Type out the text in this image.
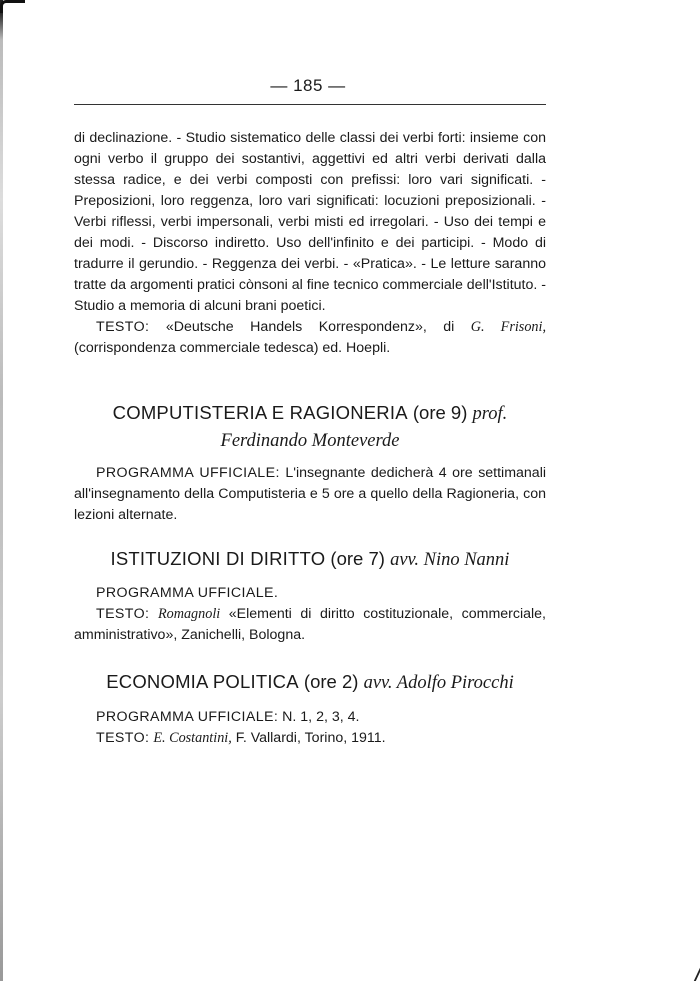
— 185 —

di declinazione. - Studio sistematico delle classi dei verbi forti: insieme con ogni verbo il gruppo dei sostantivi, aggettivi ed altri verbi derivati dalla stessa radice, e dei verbi composti con prefissi: loro vari significati. - Preposizioni, loro reggenza, loro vari significati: locuzioni preposizionali. - Verbi riflessi, verbi impersonali, verbi misti ed irregolari. - Uso dei tempi e dei modi. - Discorso indiretto. Uso dell'infinito e dei participi. - Modo di tradurre il gerundio. - Reggenza dei verbi. - «Pratica». - Le letture saranno tratte da argomenti pratici cònsoni al fine tecnico commerciale dell'Istituto. - Studio a memoria di alcuni brani poetici.

TESTO: «Deutsche Handels Korrespondenz», di G. Frisoni, (corrispondenza commerciale tedesca) ed. Hoepli.

COMPUTISTERIA E RAGIONERIA (ore 9) prof. Ferdinando Monteverde

PROGRAMMA UFFICIALE: L'insegnante dedicherà 4 ore settimanali all'insegnamento della Computisteria e 5 ore a quello della Ragioneria, con lezioni alternate.

ISTITUZIONI DI DIRITTO (ore 7) avv. Nino Nanni

PROGRAMMA UFFICIALE.

TESTO: Romagnoli «Elementi di diritto costituzionale, commerciale, amministrativo», Zanichelli, Bologna.

ECONOMIA POLITICA (ore 2) avv. Adolfo Pirocchi

PROGRAMMA UFFICIALE: N. 1, 2, 3, 4.

TESTO: E. Costantini, F. Vallardi, Torino, 1911.
